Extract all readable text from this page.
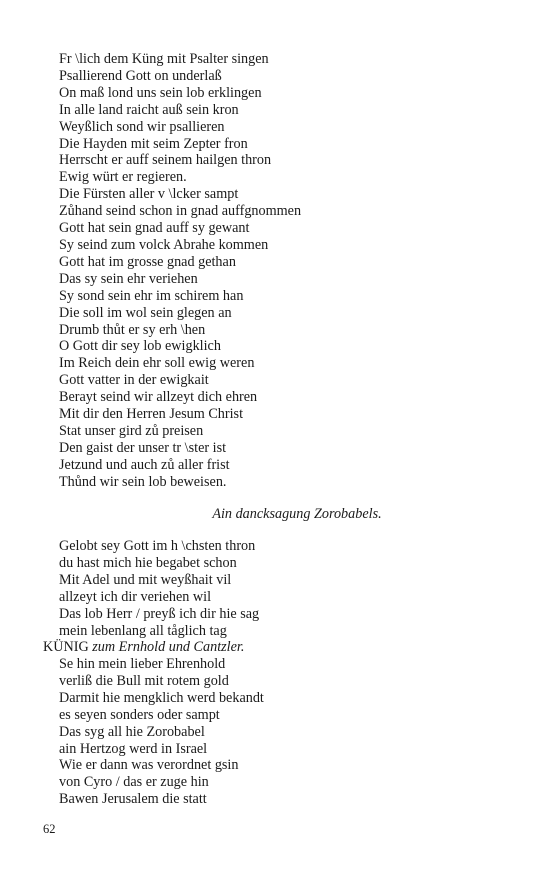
Fr \lich dem Küng mit Psalter singen
Psallierend Gott on underlaß
On maß lond uns sein lob erklingen
In alle land raicht auß sein kron
Weyßlich sond wir psallieren
Die Hayden mit seim Zepter fron
Herrscht er auff seinem hailgen thron
Ewig würt er regieren.
Die Fürsten aller v \lcker sampt
Zůhand seind schon in gnad auffgnommen
Gott hat sein gnad auff sy gewant
Sy seind zum volck Abrahe kommen
Gott hat im grosse gnad gethan
Das sy sein ehr veriehen
Sy sond sein ehr im schirem han
Die soll im wol sein glegen an
Drumb thůt er sy erh \hen
O Gott dir sey lob ewigklich
Im Reich dein ehr soll ewig weren
Gott vatter in der ewigkait
Berayt seind wir allzeyt dich ehren
Mit dir den Herren Jesum Christ
Stat unser gird zů preisen
Den gaist der unser tr \ster ist
Jetzund und auch zů aller frist
Thůnd wir sein lob beweisen.
Ain dancksagung Zorobabels.
Gelobt sey Gott im h \chsten thron
du hast mich hie begabet schon
Mit Adel und mit weyßhait vil
allzeyt ich dir veriehen wil
Das lob Herr / preyß ich dir hie sag
mein lebenlang all tåglich tag
KÜNIG zum Ernhold und Cantzler.
Se hin mein lieber Ehrenhold
verliß die Bull mit rotem gold
Darmit hie mengklich werd bekandt
es seyen sonders oder sampt
Das syg all hie Zorobabel
ain Hertzog werd in Israel
Wie er dann was verordnet gsin
von Cyro / das er zuge hin
Bawen Jerusalem die statt
62
